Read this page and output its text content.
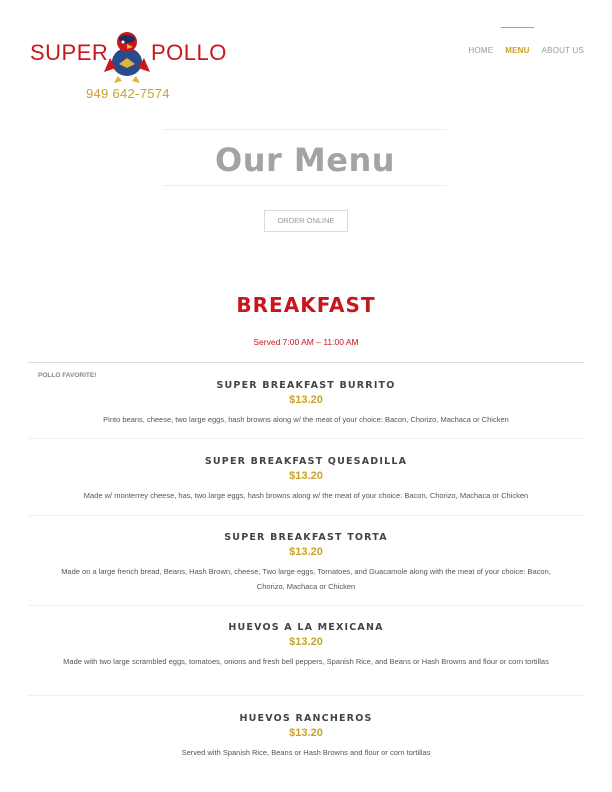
SUPER POLLO
949 642-7574
HOME MENU ABOUT US
Our Menu
ORDER ONLINE
BREAKFAST
Served 7:00 AM – 11:00 AM
POLLO FAVORITE!
SUPER BREAKFAST BURRITO
$13.20
Pinto beans, cheese, two large eggs, hash browns along w/ the meat of your choice: Bacon, Chorizo, Machaca or Chicken
SUPER BREAKFAST QUESADILLA
$13.20
Made w/ monterrey cheese, has, two large eggs, hash browns along w/ the meat of your choice: Bacon, Chorizo, Machaca or Chicken
SUPER BREAKFAST TORTA
$13.20
Made on a large french bread, Beans, Hash Brown, cheese, Two large eggs, Tornatoes, and Guacamole along with the meat of your choice: Bacon, Chorizo, Machaca or Chicken
HUEVOS A LA MEXICANA
$13.20
Made with two large scrambled eggs, tomatoes, onions and fresh bell peppers, Spanish Rice, and Beans or Hash Browns and flour or corn tortillas
HUEVOS RANCHEROS
$13.20
Served with Spanish Rice, Beans or Hash Browns and flour or corn tortillas
